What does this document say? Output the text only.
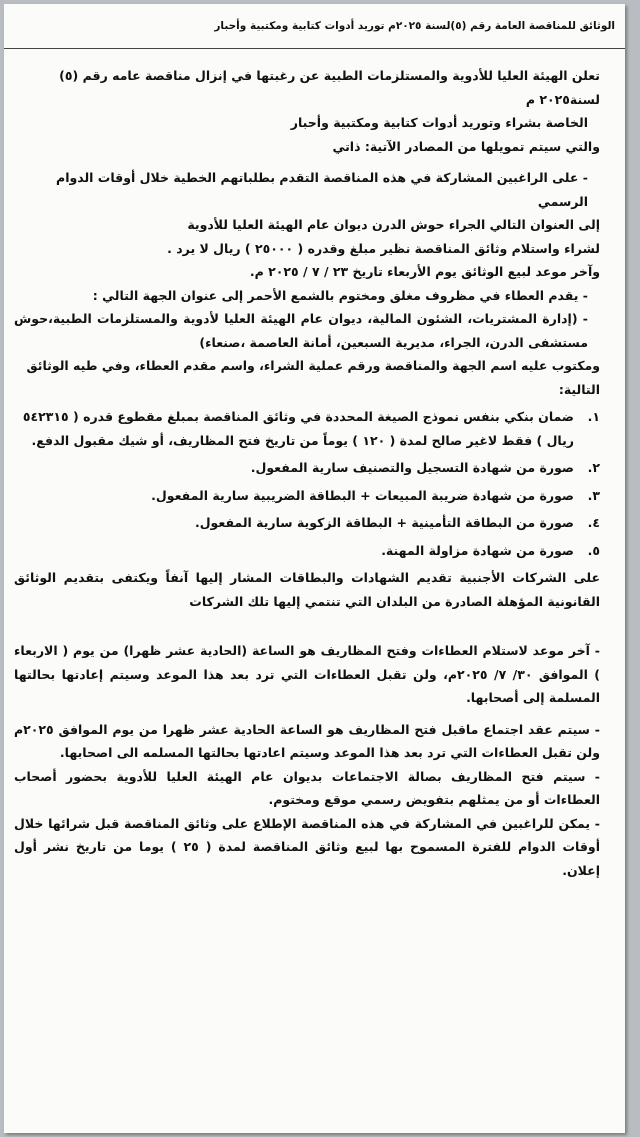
الوثائق للمناقصة العامة رقم (٥)لسنة ٢٠٢٥م توريد أدوات كتابية ومكتبية وأحبار

تعلن الهيئة العليا للأدوية والمستلزمات الطبية عن رغبتها في إنزال مناقصة عامه رقم (٥) لسنة٢٠٢٥ م

الخاصة بشراء وتوريد أدوات كتابية ومكتبية وأحبار

والتي سيتم تمويلها من المصادر الآتية: ذاتي

- على الراغبين المشاركة في هذه المناقصة التقدم بطلباتهم الخطية خلال أوقات الدوام الرسمي

إلى العنوان التالي الجراء حوش الدرن ديوان عام الهيئة العليا للأدوية

لشراء واستلام وثائق المناقصة نظير مبلغ وقدره ( ٢٥٠٠٠ ) ريال لا يرد .

وآخر موعد لبيع الوثائق يوم الأربعاء تاريخ ٢٣ / ٧ / ٢٠٢٥ م.

- يقدم العطاء في مظروف مغلق ومختوم بالشمع الأحمر إلى عنوان الجهة التالي :

- (إدارة المشتريات، الشئون المالية، ديوان عام الهيئة العليا لأدوية والمستلزمات الطبية،حوش مستشفى الدرن، الجراء، مديرية السبعين، أمانة العاصمة ،صنعاء)

ومكتوب عليه اسم الجهة والمناقصة ورقم عملية الشراء، واسم مقدم العطاء، وفي طيه الوثائق التالية:

١.
ضمان بنكي بنفس نموذج الصيغة المحددة في وثائق المناقصة بمبلغ مقطوع قدره ( ٥٤٢٣١٥ ريال ) فقط لاغير صالح لمدة ( ١٢٠ ) يوماً من تاريخ فتح المظاريف، أو شيك مقبول الدفع.
٢.
صورة من شهادة التسجيل والتصنيف سارية المفعول.
٣.
صورة من شهادة ضريبة المبيعات + البطاقة الضريبية سارية المفعول.
٤.
صورة من البطاقة التأمينية + البطاقة الزكوية سارية المفعول.
٥.
صورة من شهادة مزاولة المهنة.

على الشركات الأجنبية تقديم الشهادات والبطاقات المشار إليها آنفاً ويكتفى بتقديم الوثائق القانونية المؤهلة الصادرة من البلدان التي تنتمي إليها تلك الشركات

- آخر موعد لاستلام العطاءات وفتح المظاريف هو الساعة (الحادية عشر ظهرا) من يوم ( الاربعاء ) الموافق ٣٠/ ٧/ ٢٠٢٥م، ولن تقبل العطاءات التي ترد بعد هذا الموعد وسيتم إعادتها بحالتها المسلمة إلى أصحابها.

- سيتم عقد اجتماع ماقبل فتح المظاريف هو الساعة الحادية عشر ظهرا من يوم الموافق ٢٠٢٥م ولن تقبل العطاءات التي ترد بعد هذا الموعد وسيتم اعادتها بحالتها المسلمه الى اصحابها.

- سيتم فتح المظاريف بصالة الاجتماعات بديوان عام الهيئة العليا للأدوية بحضور أصحاب العطاءات أو من يمثلهم بتفويض رسمي موقع ومختوم.

- يمكن للراغبين في المشاركة في هذه المناقصة الإطلاع على وثائق المناقصة قبل شرائها خلال أوقات الدوام للفترة المسموح بها لبيع وثائق المناقصة لمدة ( ٢٥ ) يوما من تاريخ نشر أول إعلان.
